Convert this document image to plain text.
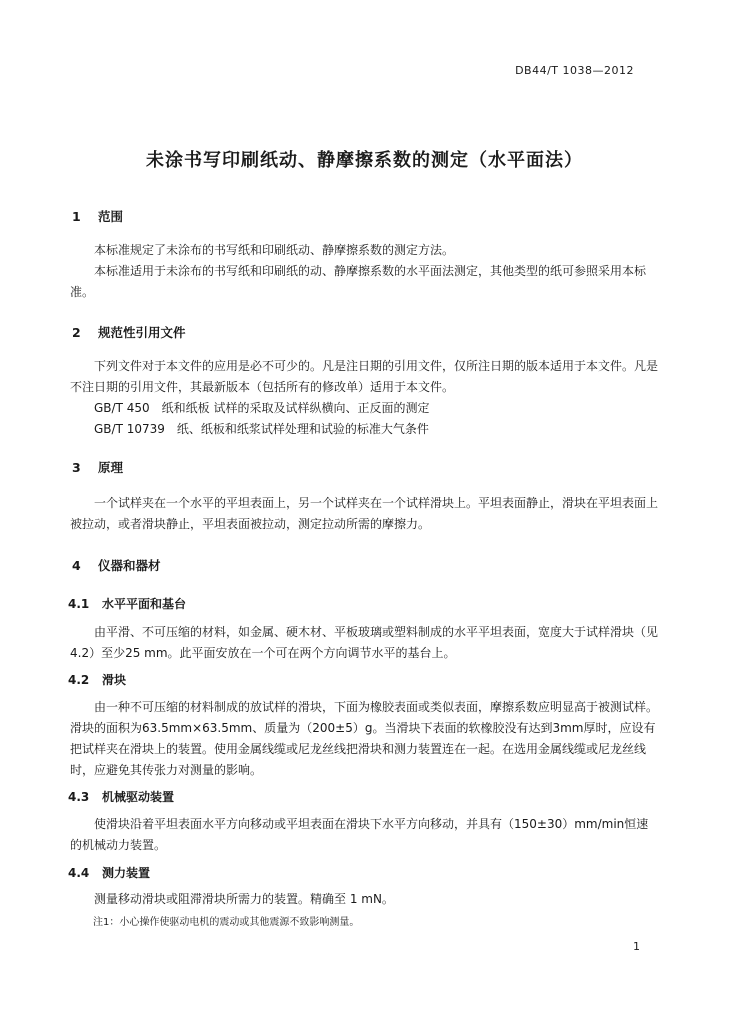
DB44/T 1038—2012
未涂书写印刷纸动、静摩擦系数的测定（水平面法）
1 范围
本标准规定了未涂布的书写纸和印刷纸动、静摩擦系数的测定方法。
本标准适用于未涂布的书写纸和印刷纸的动、静摩擦系数的水平面法测定，其他类型的纸可参照采用本标准。
2 规范性引用文件
下列文件对于本文件的应用是必不可少的。凡是注日期的引用文件，仅所注日期的版本适用于本文件。凡是不注日期的引用文件，其最新版本（包括所有的修改单）适用于本文件。
GB/T 450　纸和纸板 试样的采取及试样纵横向、正反面的测定
GB/T 10739　纸、纸板和纸浆试样处理和试验的标准大气条件
3 原理
一个试样夹在一个水平的平坦表面上，另一个试样夹在一个试样滑块上。平坦表面静止，滑块在平坦表面上被拉动，或者滑块静止，平坦表面被拉动，测定拉动所需的摩擦力。
4 仪器和器材
4.1 水平平面和基台
由平滑、不可压缩的材料，如金属、硬木材、平板玻璃或塑料制成的水平平坦表面，宽度大于试样滑块（见4.2）至少25 mm。此平面安放在一个可在两个方向调节水平的基台上。
4.2 滑块
由一种不可压缩的材料制成的放试样的滑块，下面为橡胶表面或类似表面，摩擦系数应明显高于被测试样。滑块的面积为63.5mm×63.5mm、质量为（200±5）g。当滑块下表面的软橡胶没有达到3mm厚时，应设有把试样夹在滑块上的装置。使用金属线缆或尼龙丝线把滑块和测力装置连在一起。在选用金属线缆或尼龙丝线时，应避免其传张力对测量的影响。
4.3 机械驱动装置
使滑块沿着平坦表面水平方向移动或平坦表面在滑块下水平方向移动，并具有（150±30）mm/min恒速的机械动力装置。
4.4 测力装置
测量移动滑块或阻滞滑块所需力的装置。精确至 1 mN。
注1：小心操作使驱动电机的震动或其他震源不致影响测量。
1
